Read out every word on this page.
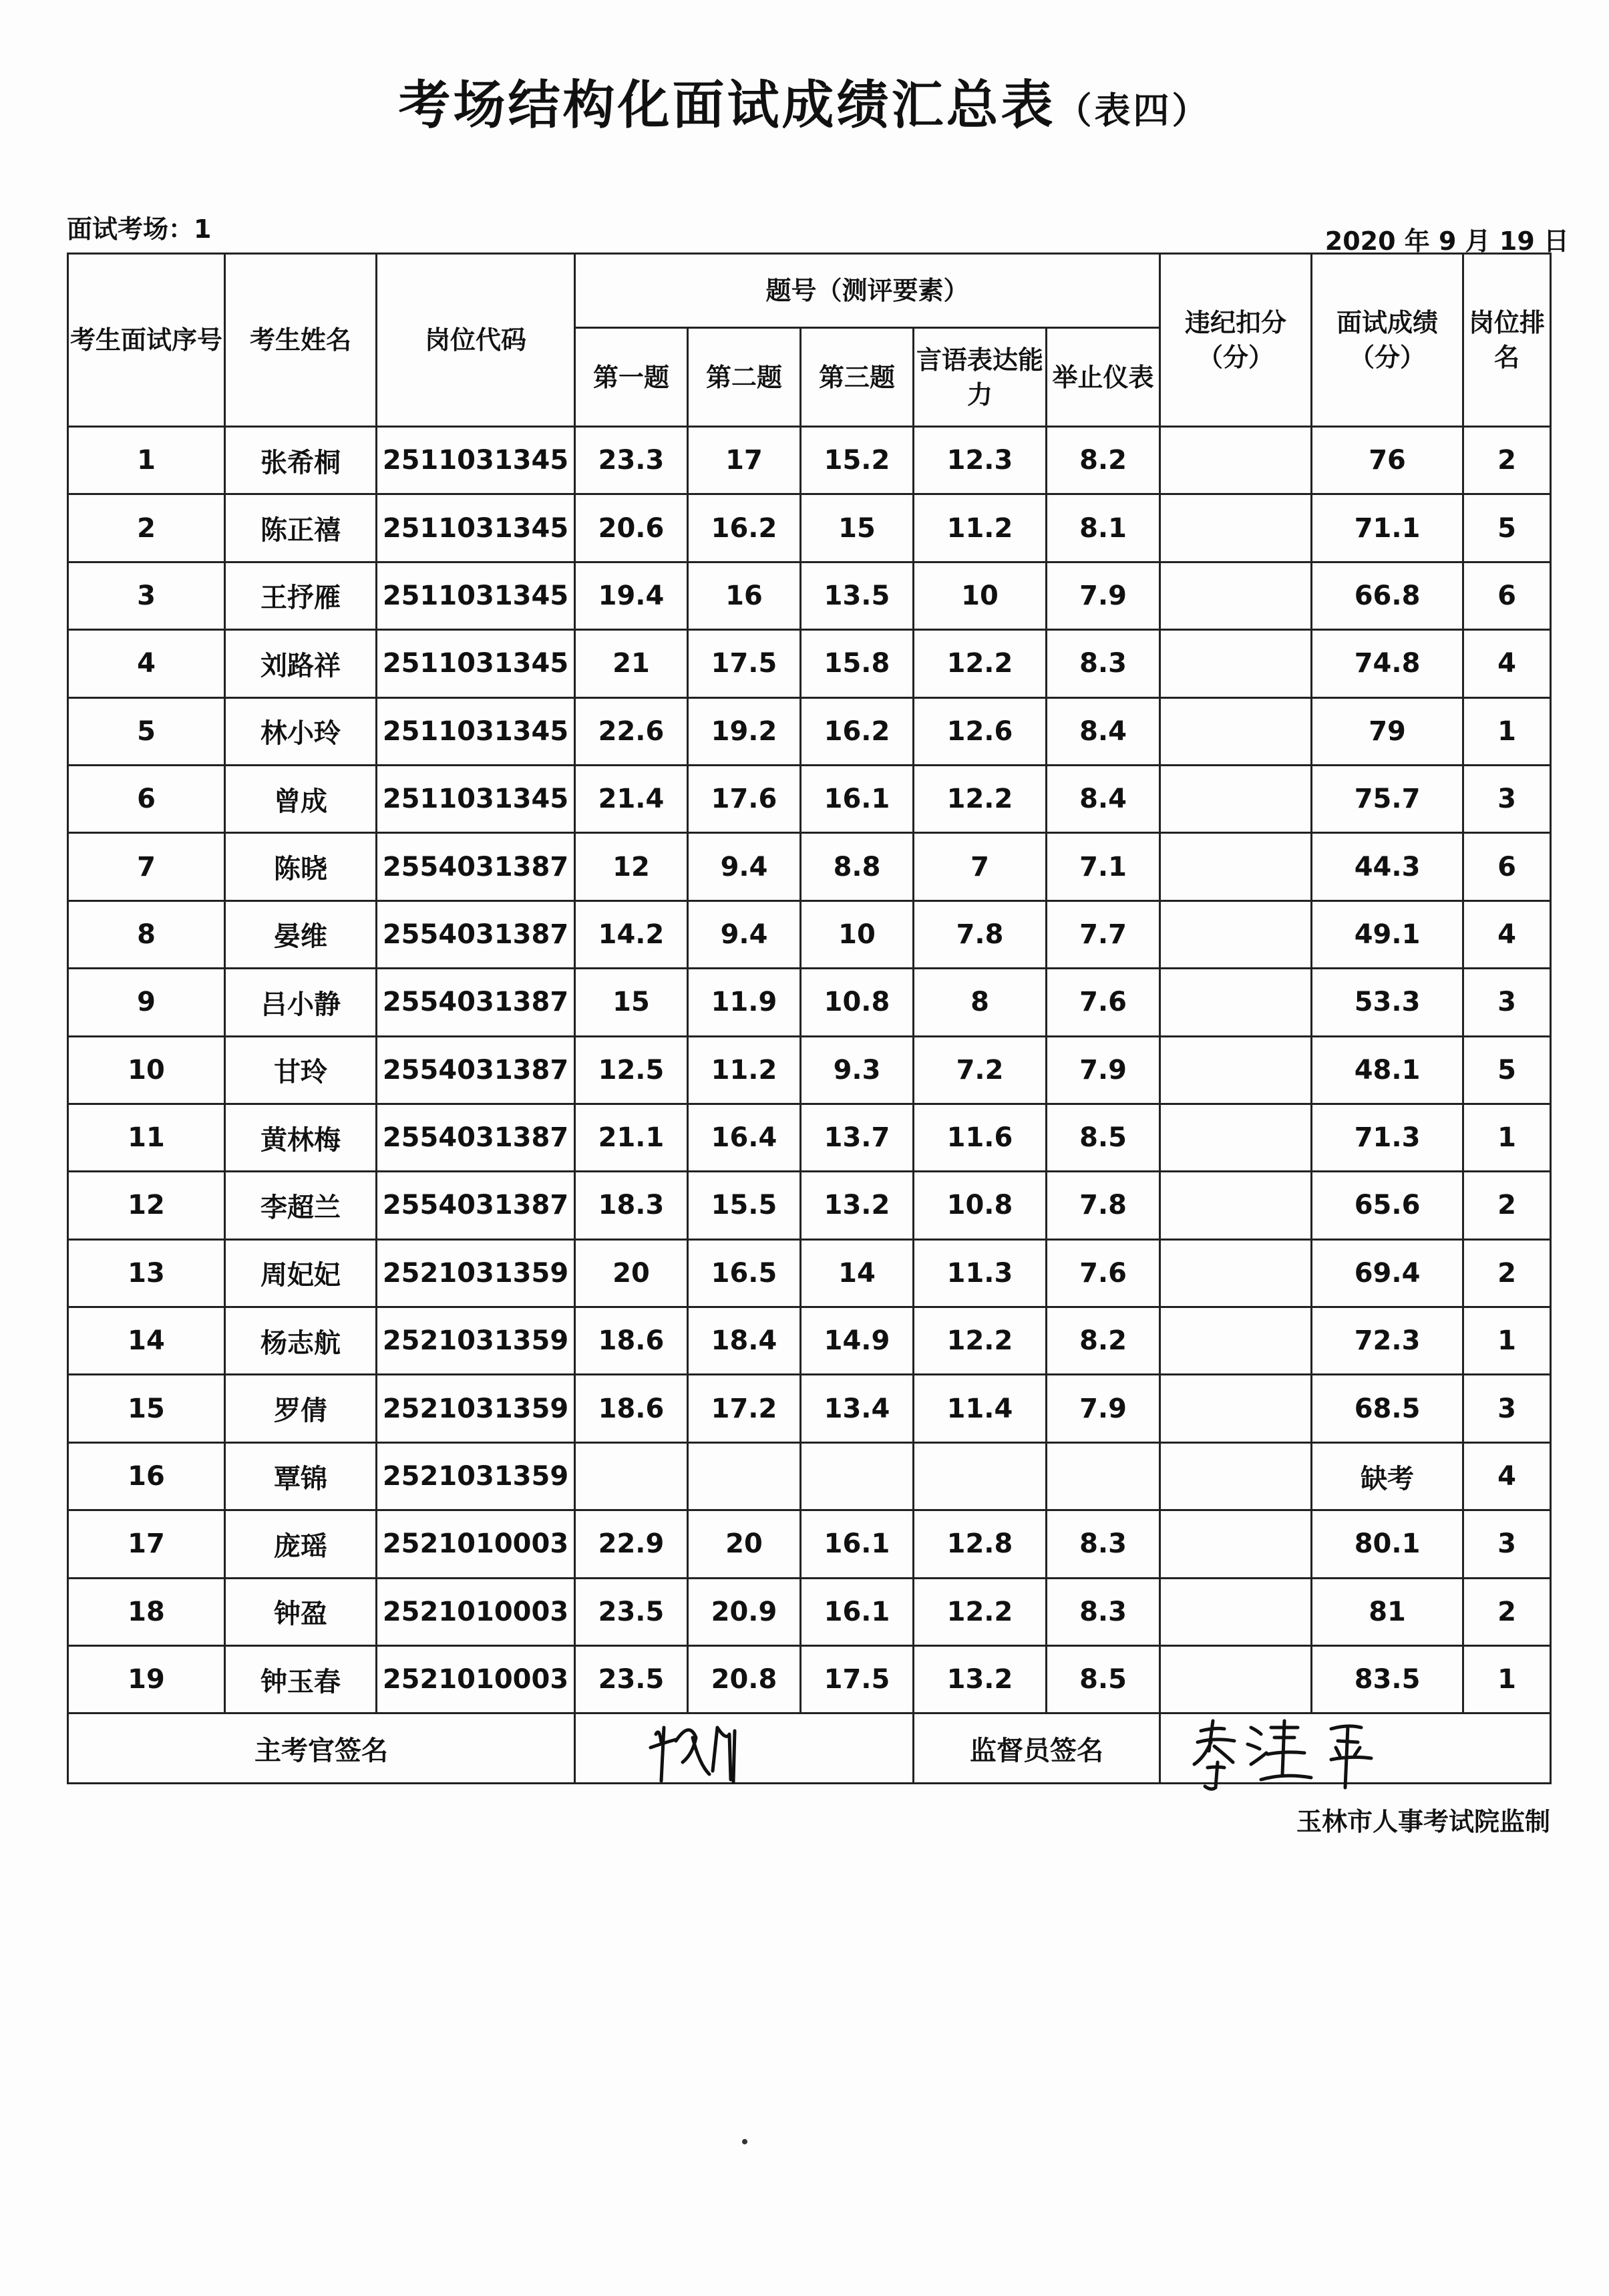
考场结构化面试成绩汇总表（表四）
面试考场：1	2020 年 9 月 19 日
考生面试序号	考生姓名	岗位代码	题号（测评要素）					违纪扣分（分）	面试成绩（分）	岗位排名
			第一题	第二题	第三题	言语表达能力	举止仪表			
1	张希桐	2511031345	23.3	17	15.2	12.3	8.2		76	2
2	陈正禧	2511031345	20.6	16.2	15	11.2	8.1		71.1	5
3	王抒雁	2511031345	19.4	16	13.5	10	7.9		66.8	6
4	刘路祥	2511031345	21	17.5	15.8	12.2	8.3		74.8	4
5	林小玲	2511031345	22.6	19.2	16.2	12.6	8.4		79	1
6	曾成	2511031345	21.4	17.6	16.1	12.2	8.4		75.7	3
7	陈晓	2554031387	12	9.4	8.8	7	7.1		44.3	6
8	晏维	2554031387	14.2	9.4	10	7.8	7.7		49.1	4
9	吕小静	2554031387	15	11.9	10.8	8	7.6		53.3	3
10	甘玲	2554031387	12.5	11.2	9.3	7.2	7.9		48.1	5
11	黄林梅	2554031387	21.1	16.4	13.7	11.6	8.5		71.3	1
12	李超兰	2554031387	18.3	15.5	13.2	10.8	7.8		65.6	2
13	周妃妃	2521031359	20	16.5	14	11.3	7.6		69.4	2
14	杨志航	2521031359	18.6	18.4	14.9	12.2	8.2		72.3	1
15	罗倩	2521031359	18.6	17.2	13.4	11.4	7.9		68.5	3
16	覃锦	2521031359							缺考	4
17	庞瑶	2521010003	22.9	20	16.1	12.8	8.3		80.1	3
18	钟盈	2521010003	23.5	20.9	16.1	12.2	8.3		81	2
19	钟玉春	2521010003	23.5	20.8	17.5	13.2	8.5		83.5	1
主考官签名						监督员签名	
玉林市人事考试院监制
